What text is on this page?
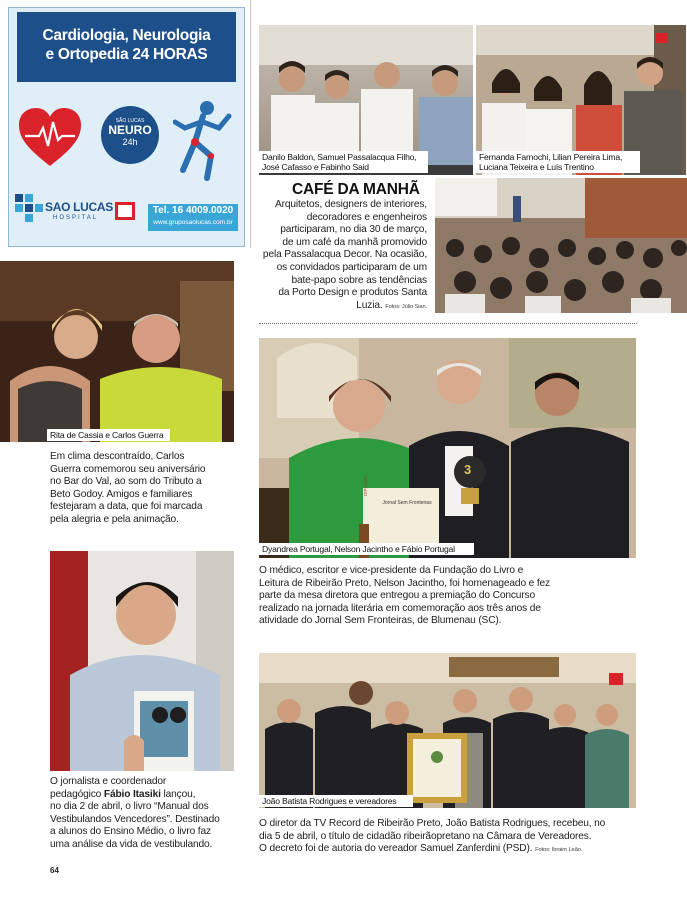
Cardiologia, Neurologia
e Ortopedia 24 HORAS
SÃO LUCAS
NEURO
24h
SAO LUCAS
HOSPITAL
Tel. 16 4009.0020
www.gruposaolucas.com.br
Danilo Baldon, Samuel Passalacqua Filho,
José Cafasso e Fabinho Said
Fernanda Farnochi, Lilian Pereira Lima,
Luciana Teixeira e Luís Trentino
CAFÉ DA MANHÃ
Arquitetos, designers de interiores,
decoradores e engenheiros
participaram, no dia 30 de março,
de um café da manhã promovido
pela Passalacqua Decor. Na ocasião,
os convidados participaram de um
bate-papo sobre as tendências
da Porto Design e produtos Santa
Luzia. Fotos: Júlio Sian.
Rita de Cassia e Carlos Guerra
Em clima descontraído, Carlos
Guerra comemorou seu aniversário
no Bar do Val, ao som do Tributo a
Beto Godoy. Amigos e familiares
festejaram a data, que foi marcada
pela alegria e pela animação.
Jornal Sem Fronteiras
DIPLOMA
3
Dyandrea Portugal, Nelson Jacintho e Fábio Portugal
O médico, escritor e vice-presidente da Fundação do Livro e
Leitura de Ribeirão Preto, Nelson Jacintho, foi homenageado e fez
parte da mesa diretora que entregou a premiação do Concurso
realizado na jornada literária em comemoração aos três anos de
atividade do Jornal Sem Fronteiras, de Blumenau (SC).
O jornalista e coordenador
pedagógico Fábio Itasiki lançou,
no dia 2 de abril, o livro “Manual dos
Vestibulandos Vencedores”. Destinado
a alunos do Ensino Médio, o livro faz
uma análise da vida de vestibulando.
João Batista Rodrigues e vereadores
O diretor da TV Record de Ribeirão Preto, João Batista Rodrigues, recebeu, no
dia 5 de abril, o título de cidadão ribeirãopretano na Câmara de Vereadores.
O decreto foi de autoria do vereador Samuel Zanferdini (PSD). Fotos: Ibraim Leão.
64
